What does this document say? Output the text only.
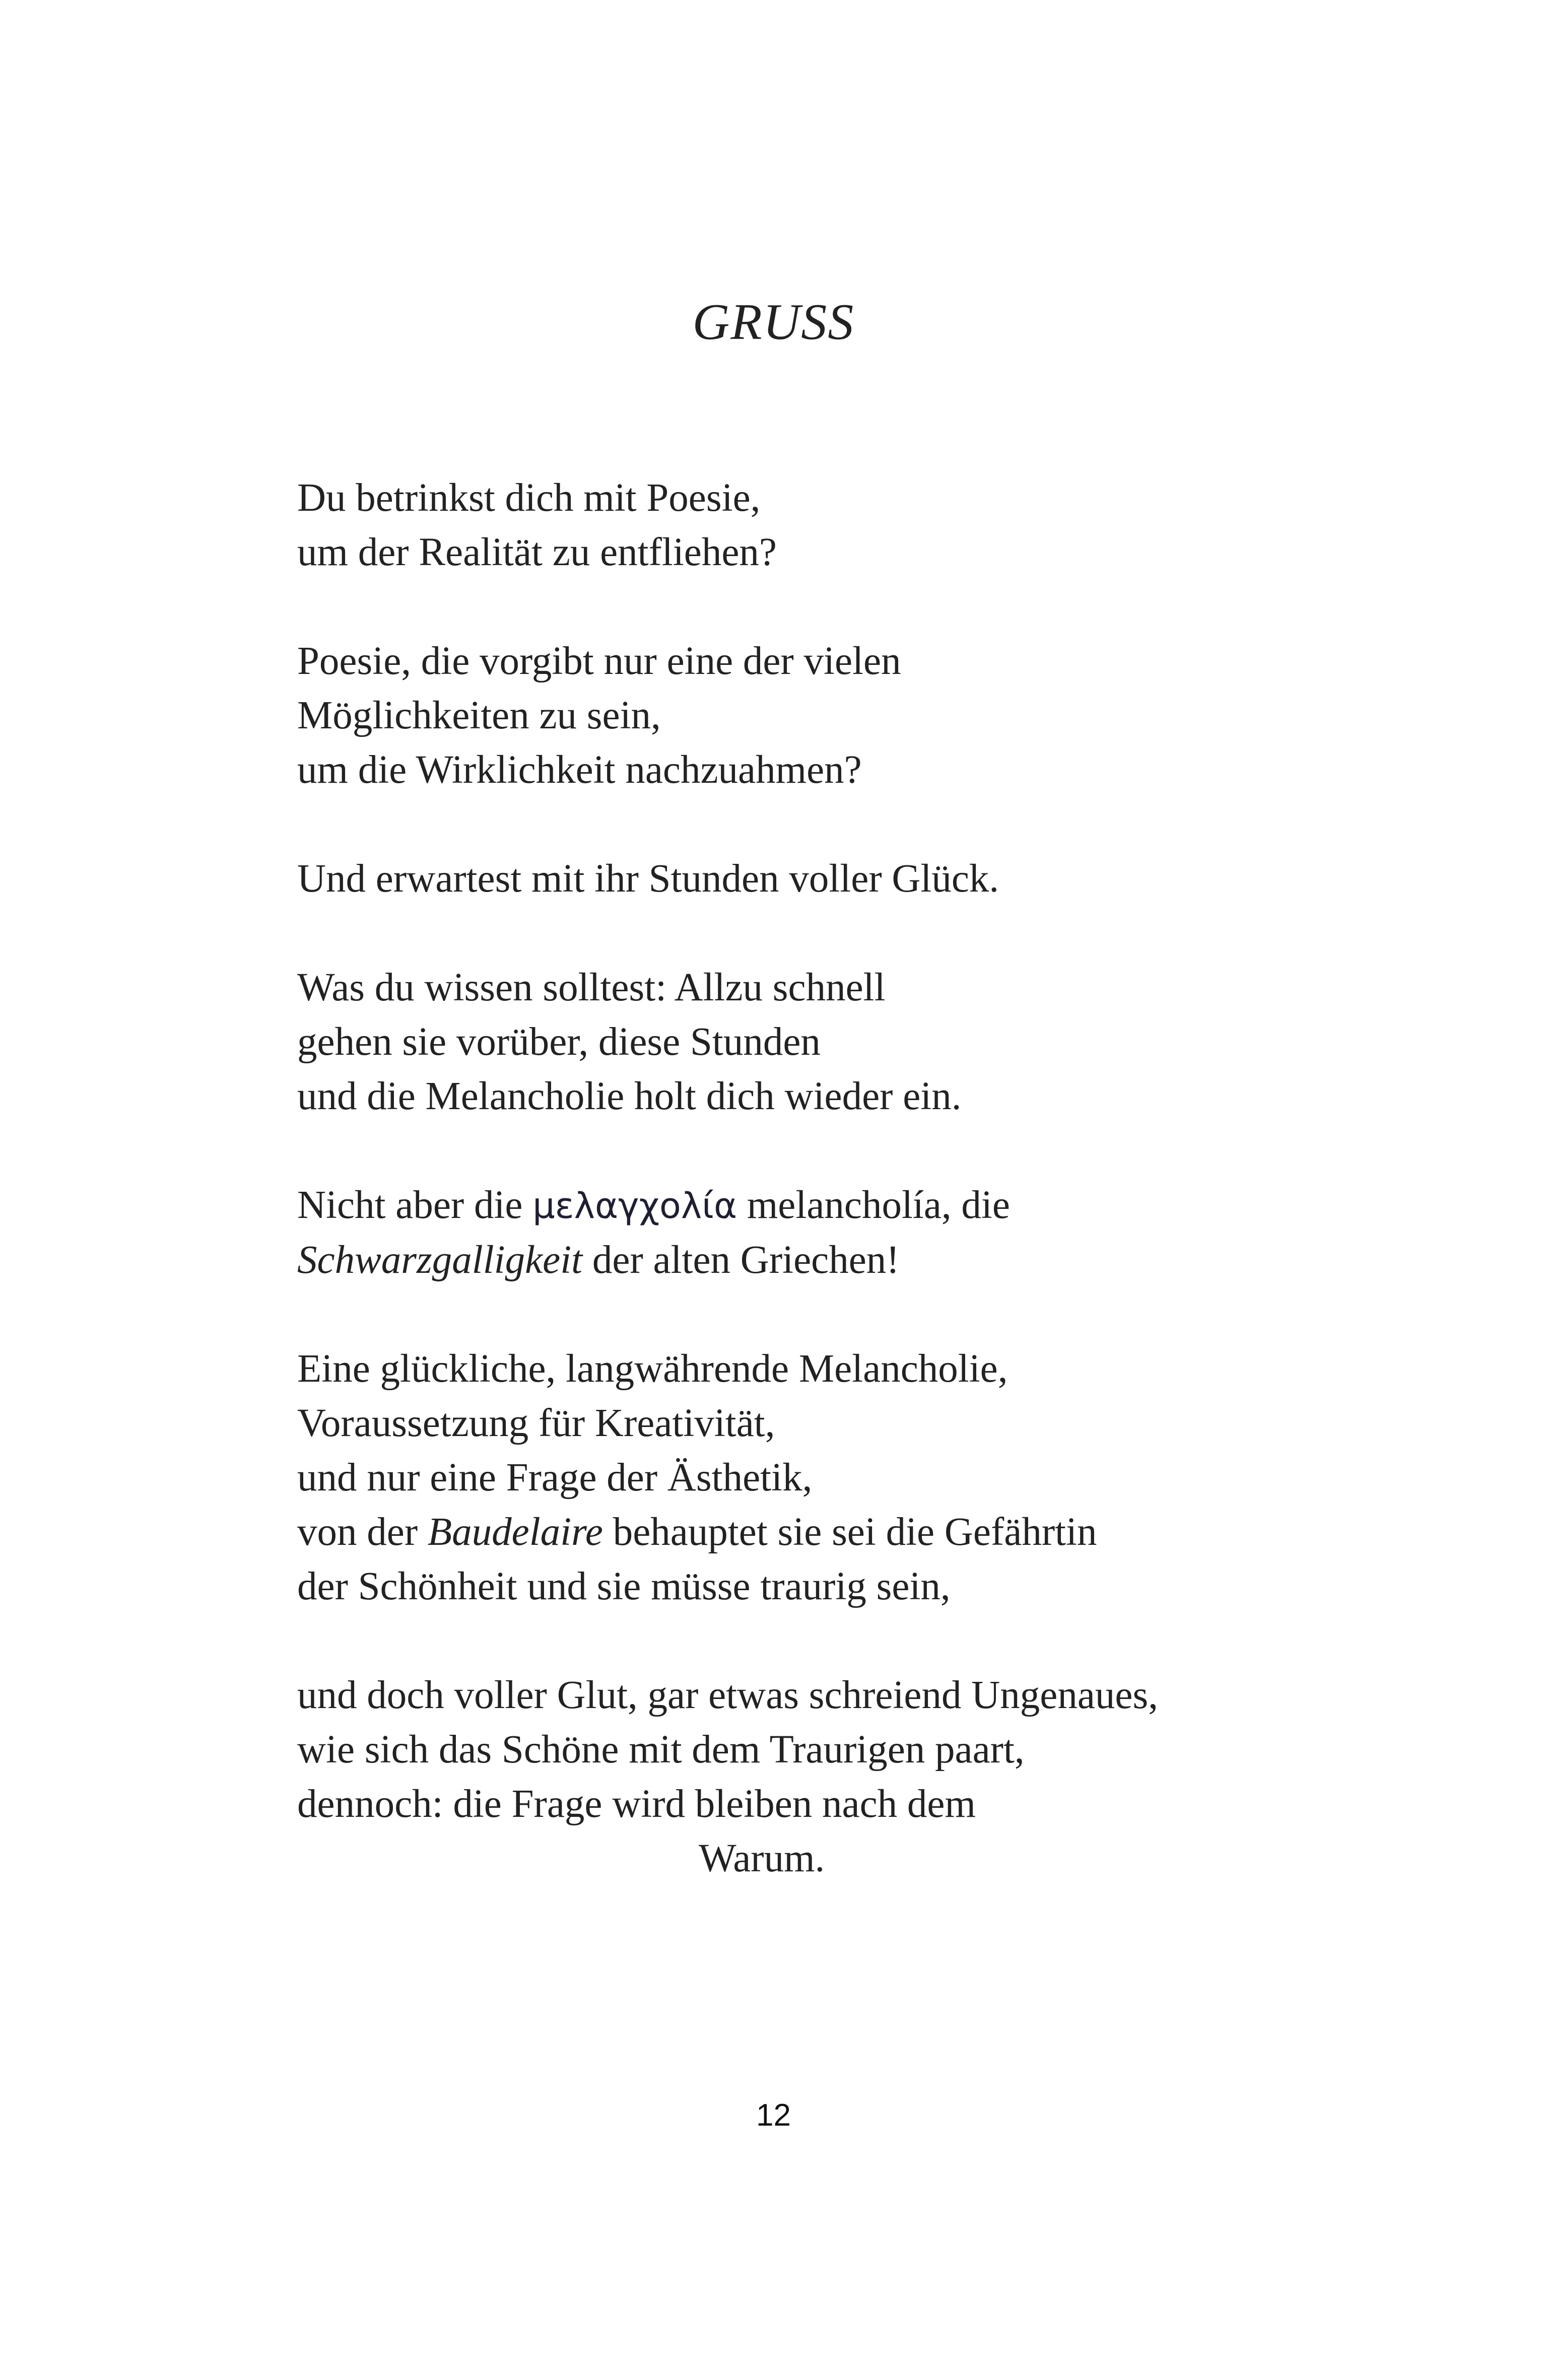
GRUSS
Du betrinkst dich mit Poesie,
um der Realität zu entfliehen?
Poesie, die vorgibt nur eine der vielen
Möglichkeiten zu sein,
um die Wirklichkeit nachzuahmen?
Und erwartest mit ihr Stunden voller Glück.
Was du wissen solltest: Allzu schnell
gehen sie vorüber, diese Stunden
und die Melancholie holt dich wieder ein.
Nicht aber die μελαγχολία melancholía, die
Schwarzgalligkeit der alten Griechen!
Eine glückliche, langwährende Melancholie,
Voraussetzung für Kreativität,
und nur eine Frage der Ästhetik,
von der Baudelaire behauptet sie sei die Gefährtin
der Schönheit und sie müsse traurig sein,
und doch voller Glut, gar etwas schreiend Ungenaues,
wie sich das Schöne mit dem Traurigen paart,
dennoch: die Frage wird bleiben nach dem
Warum.
12
